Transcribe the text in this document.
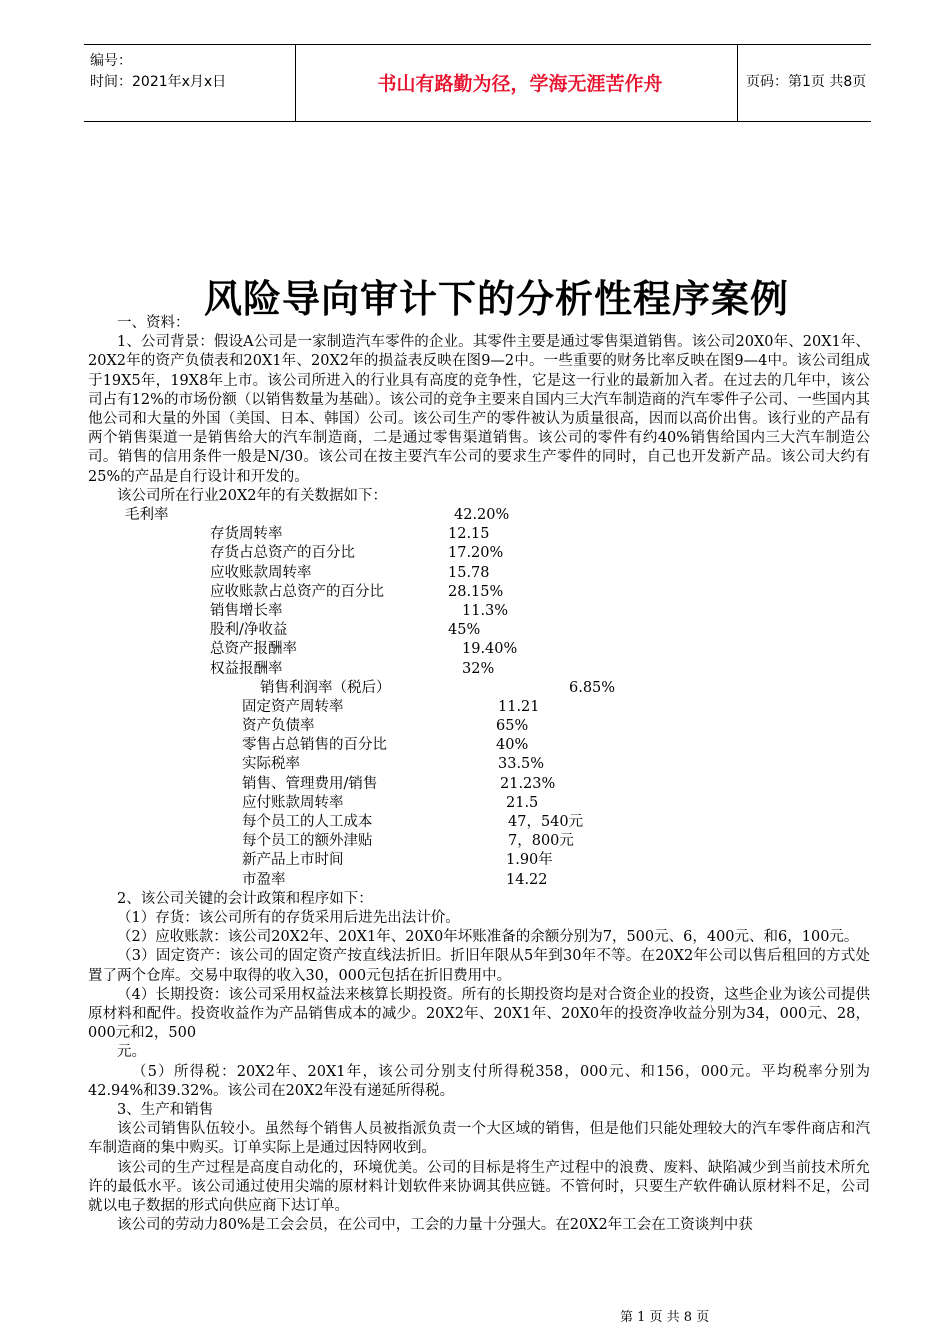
编号：
时间：2021年x月x日	书山有路勤为径，学海无涯苦作舟	页码：第1页 共8页
风险导向审计下的分析性程序案例

一、资料：

1、公司背景：假设A公司是一家制造汽车零件的企业。其零件主要是通过零售渠道销售。该公司20X0年、20X1年、20X2年的资产负债表和20X1年、20X2年的损益表反映在图9—2中。一些重要的财务比率反映在图9—4中。该公司组成于19X5年，19X8年上市。该公司所进入的行业具有高度的竞争性，它是这一行业的最新加入者。在过去的几年中，该公司占有12%的市场份额（以销售数量为基础）。该公司的竞争主要来自国内三大汽车制造商的汽车零件子公司、一些国内其他公司和大量的外国（美国、日本、韩国）公司。该公司生产的零件被认为质量很高，因而以高价出售。该行业的产品有两个销售渠道一是销售给大的汽车制造商，二是通过零售渠道销售。该公司的零件有约40%销售给国内三大汽车制造公司。销售的信用条件一般是N/30。该公司在按主要汽车公司的要求生产零件的同时，自己也开发新产品。该公司大约有25%的产品是自行设计和开发的。

该公司所在行业20X2年的有关数据如下：

毛利率	42.20%
存货周转率	12.15
存货占总资产的百分比	17.20%
应收账款周转率	15.78
应收账款占总资产的百分比	28.15%
销售增长率	11.3%
股利/净收益	45%
总资产报酬率	19.40%
权益报酬率	32%
销售利润率（税后）	6.85%
固定资产周转率	11.21
资产负债率	65%
零售占总销售的百分比	40%
实际税率	33.5%
销售、管理费用/销售	21.23%
应付账款周转率	21.5
每个员工的人工成本	47，540元
每个员工的额外津贴	7，800元
新产品上市时间	1.90年
市盈率	14.22

2、该公司关键的会计政策和程序如下：

（1）存货：该公司所有的存货采用后进先出法计价。

（2）应收账款：该公司20X2年、20X1年、20X0年坏账准备的余额分别为7，500元、6，400元、和6，100元。

（3）固定资产：该公司的固定资产按直线法折旧。折旧年限从5年到30年不等。在20X2年公司以售后租回的方式处置了两个仓库。交易中取得的收入30，000元包括在折旧费用中。

（4）长期投资：该公司采用权益法来核算长期投资。所有的长期投资均是对合资企业的投资，这些企业为该公司提供原材料和配件。投资收益作为产品销售成本的减少。20X2年、20X1年、20X0年的投资净收益分别为34，000元、28，000元和2，500

元。

（5）所得税：20X2年、20X1年，该公司分别支付所得税358，000元、和156，000元。平均税率分别为42.94%和39.32%。该公司在20X2年没有递延所得税。

3、生产和销售

该公司销售队伍较小。虽然每个销售人员被指派负责一个大区域的销售，但是他们只能处理较大的汽车零件商店和汽车制造商的集中购买。订单实际上是通过因特网收到。

该公司的生产过程是高度自动化的，环境优美。公司的目标是将生产过程中的浪费、废料、缺陷减少到当前技术所允许的最低水平。该公司通过使用尖端的原材料计划软件来协调其供应链。不管何时，只要生产软件确认原材料不足，公司就以电子数据的形式向供应商下达订单。

该公司的劳动力80%是工会会员，在公司中，工会的力量十分强大。在20X2年工会在工资谈判中获

第 1 页 共 8 页
